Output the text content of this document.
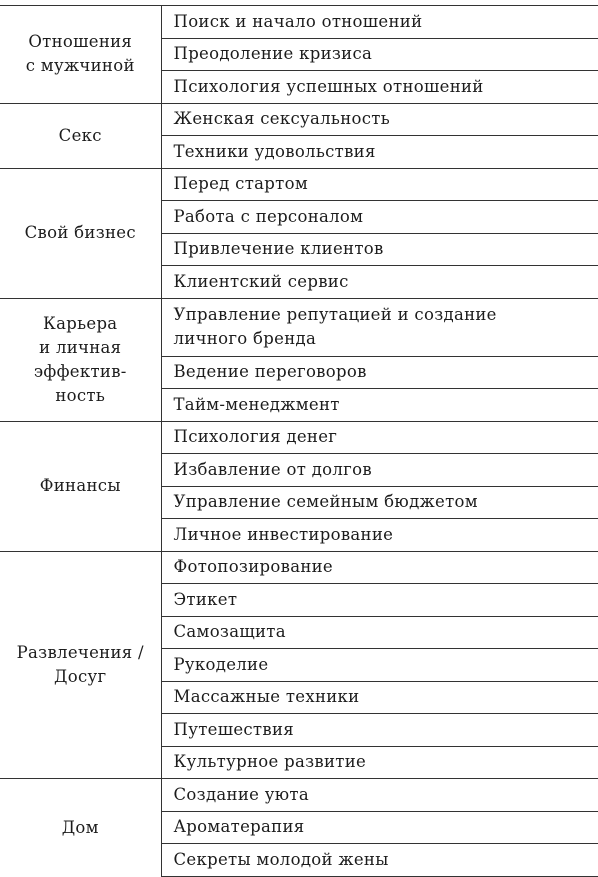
Отношения
с мужчиной	Поиск и начало отношений
	Преодоление кризиса
	Психология успешных отношений
Секс	Женская сексуальность
	Техники удовольствия
Свой бизнес	Перед стартом
	Работа с персоналом
	Привлечение клиентов
	Клиентский сервис
Карьера
и личная
эффектив-
ность	Управление репутацией и создание
личного бренда
	Ведение переговоров
	Тайм-менеджмент
Финансы	Психология денег
	Избавление от долгов
	Управление семейным бюджетом
	Личное инвестирование
Развлечения /
Досуг	Фотопозирование
	Этикет
	Самозащита
	Рукоделие
	Массажные техники
	Путешествия
	Культурное развитие
Дом	Создание уюта
	Ароматерапия
	Секреты молодой жены
